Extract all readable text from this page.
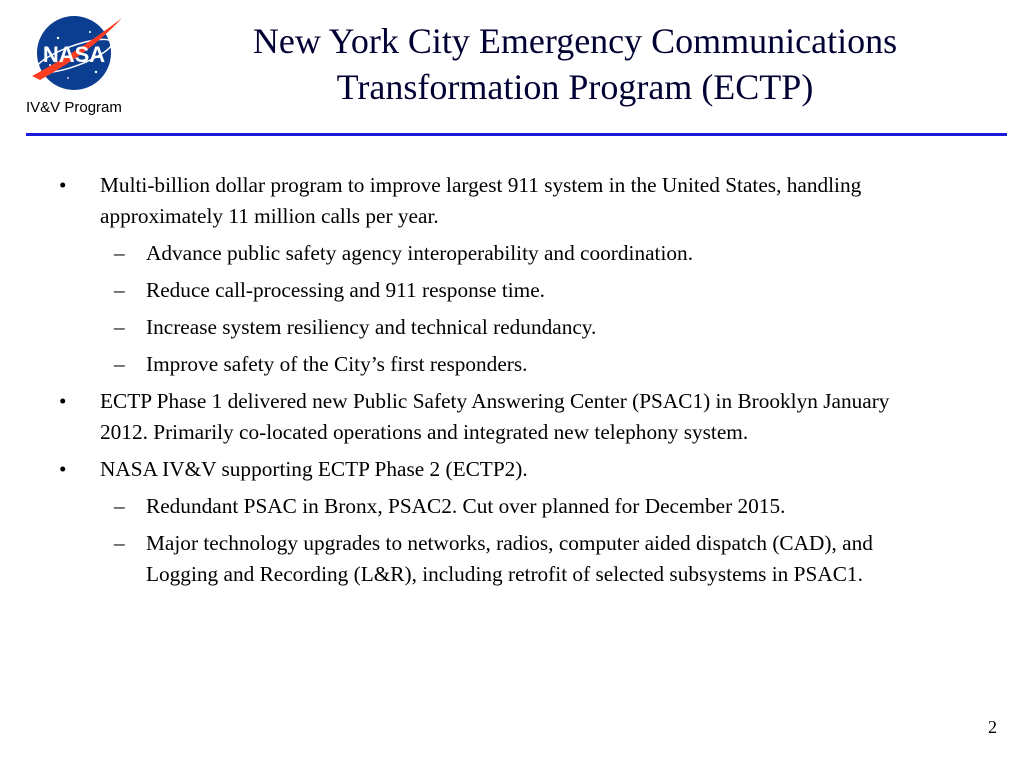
NASA
IV&V Program
New York City Emergency Communications
Transformation Program (ECTP)
• Multi-billion dollar program to improve largest 911 system in the United States, handling approximately 11 million calls per year.
– Advance public safety agency interoperability and coordination.
– Reduce call-processing and 911 response time.
– Increase system resiliency and technical redundancy.
– Improve safety of the City’s first responders.
• ECTP Phase 1 delivered new Public Safety Answering Center (PSAC1) in Brooklyn January 2012. Primarily co-located operations and integrated new telephony system.
• NASA IV&V supporting ECTP Phase 2 (ECTP2).
– Redundant PSAC in Bronx, PSAC2. Cut over planned for December 2015.
– Major technology upgrades to networks, radios, computer aided dispatch (CAD), and Logging and Recording (L&R), including retrofit of selected subsystems in PSAC1.
2
